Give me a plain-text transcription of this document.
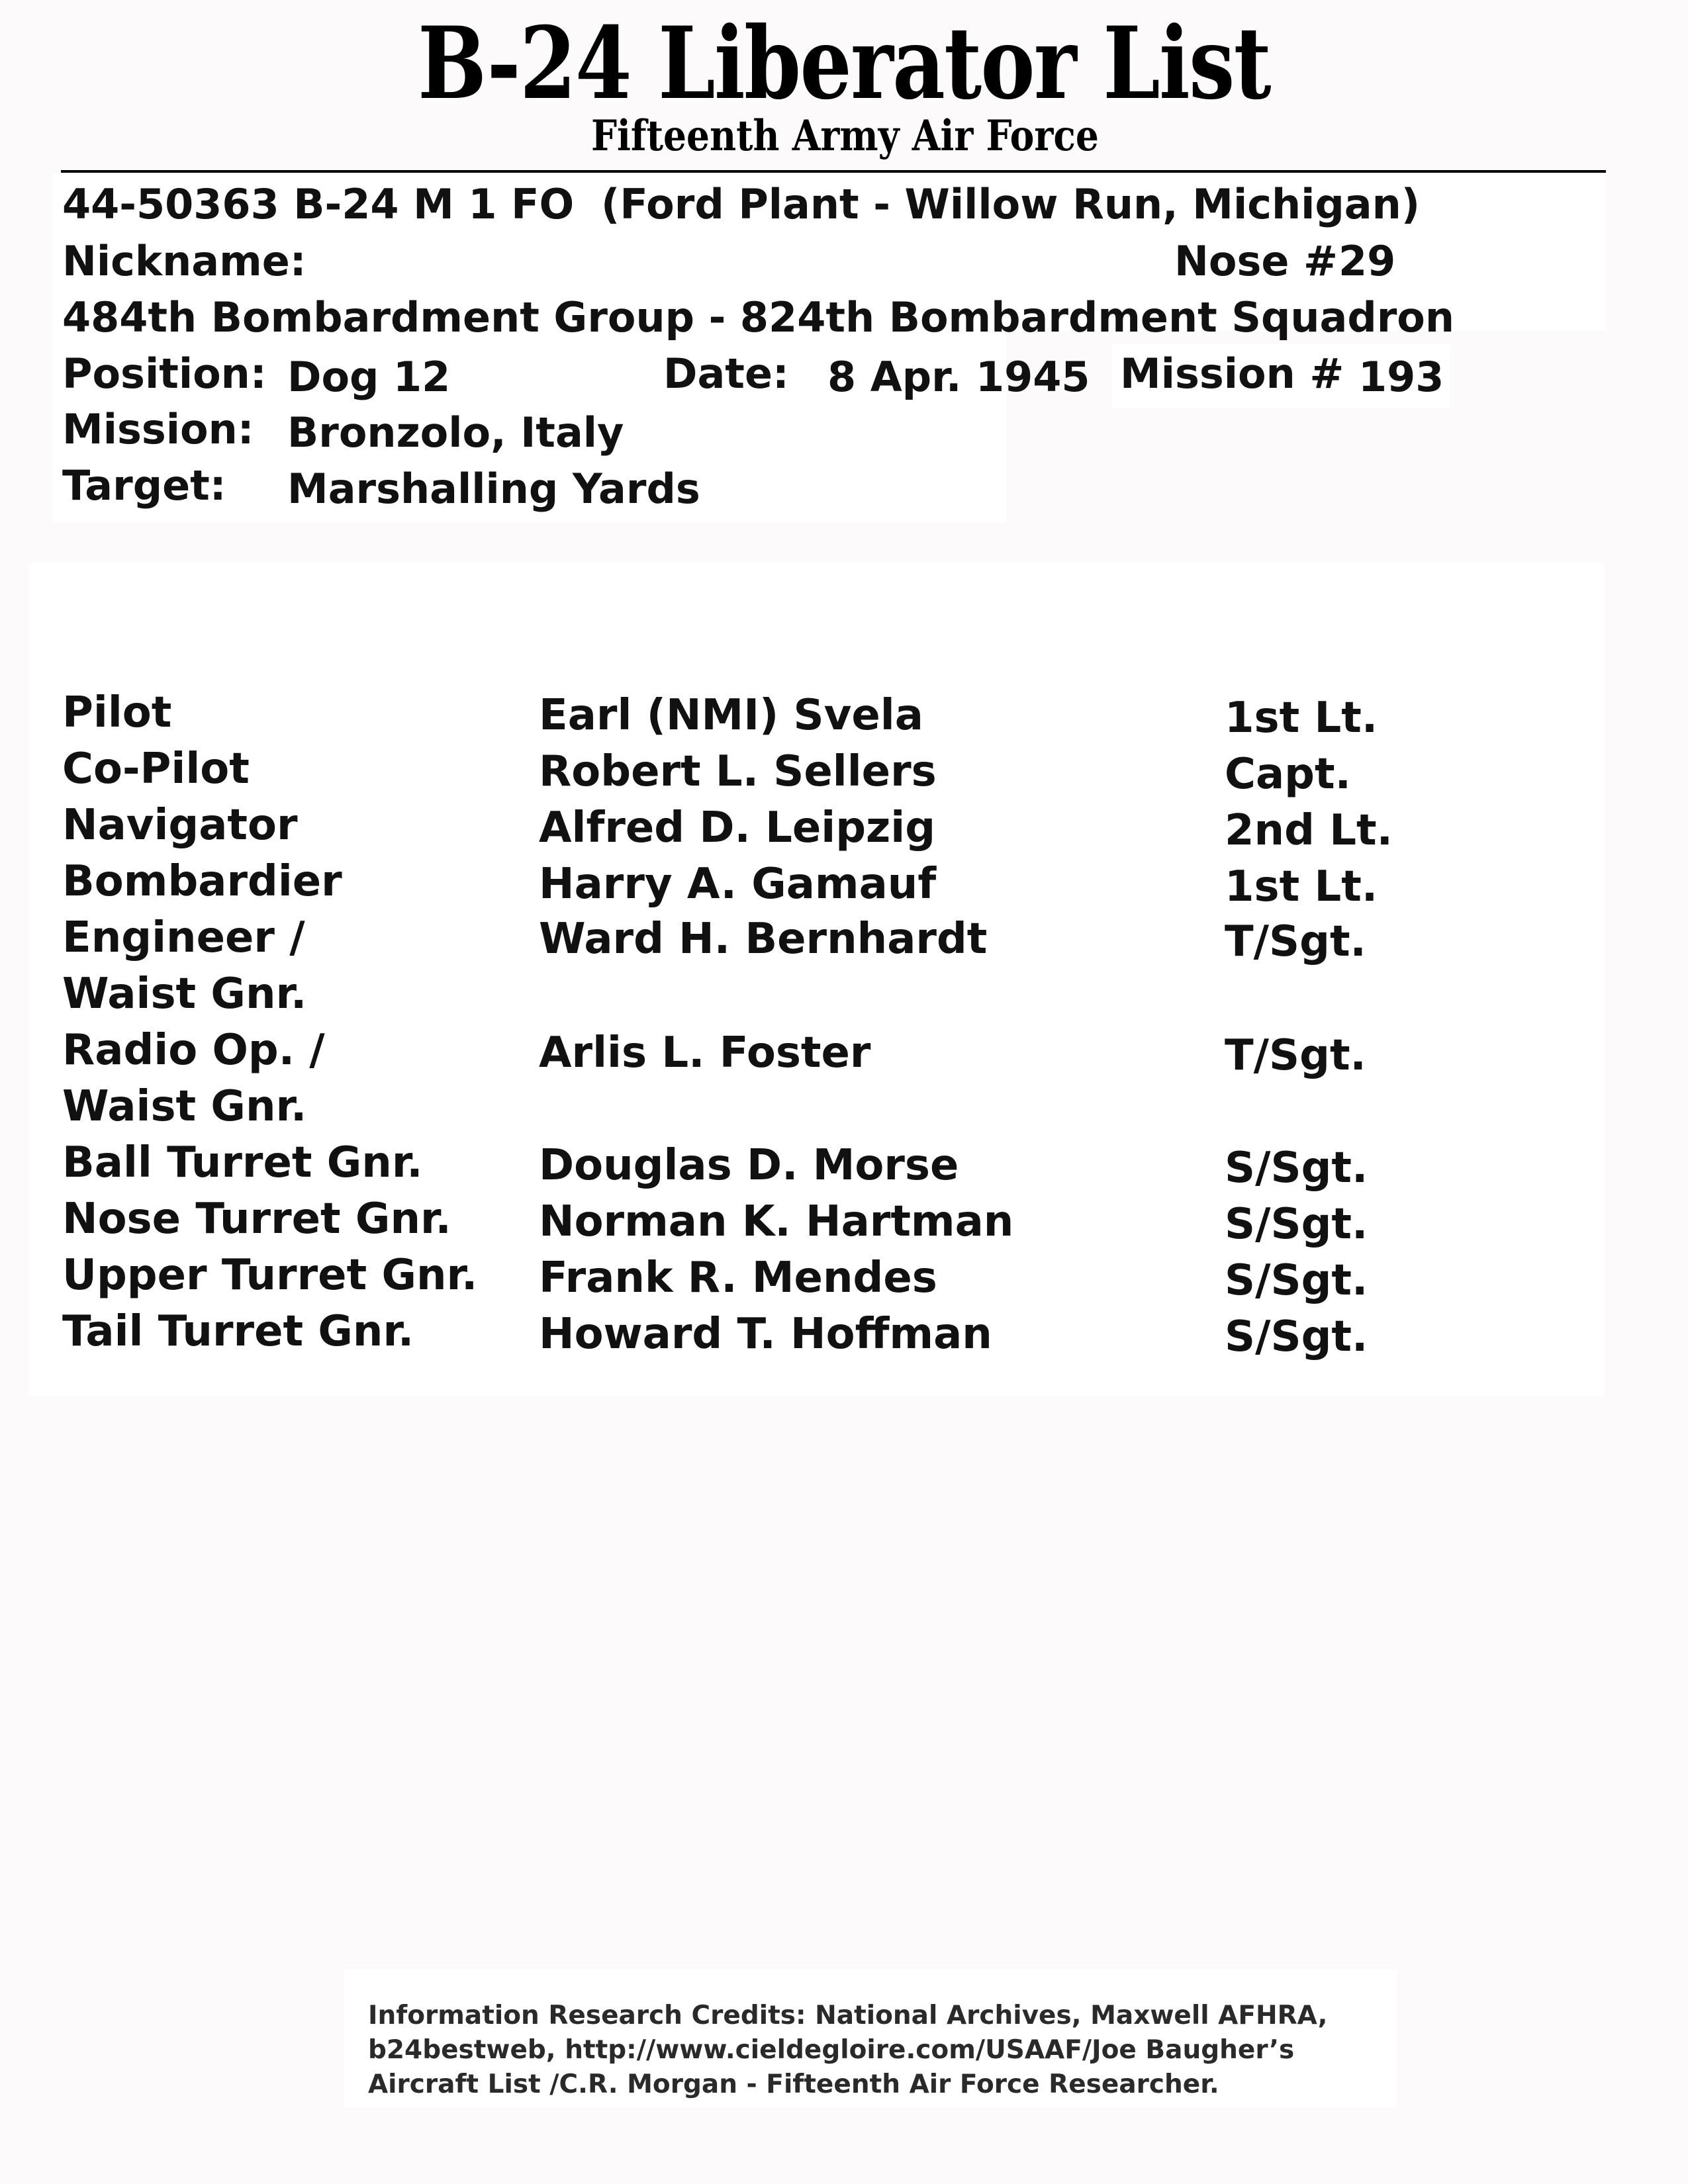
B-24 Liberator List
Fifteenth Army Air Force
44-50363 B-24 M 1 FO (Ford Plant - Willow Run, Michigan)
Nickname:	Nose # 29
484th Bombardment Group - 824th Bombardment Squadron
Position: Dog 12	Date: 8 Apr. 1945 Mission # 193
Mission: Bronzolo, Italy
Target: Marshalling Yards
Pilot	Earl (NMI) Svela	1st Lt.
Co-Pilot	Robert L. Sellers	Capt.
Navigator	Alfred D. Leipzig	2nd Lt.
Bombardier	Harry A. Gamauf	1st Lt.
Engineer /
Waist Gnr.
Ward H. Bernhardt	T/Sgt.
Radio Op. /
Waist Gnr.
Arlis L. Foster	T/Sgt.
Ball Turret Gnr.	Douglas D. Morse	S/Sgt.
Nose Turret Gnr. Norman K. Hartman	S/Sgt.
Upper Turret Gnr. Frank R. Mendes	S/Sgt.
Tail Turret Gnr.	Howard T. Hoffman	S/Sgt.
Information Research Credits: National Archives, Maxwell AFHRA,
b24bestweb, http://www.cieldegloire.com/USAAF/Joe Baugher’s
Aircraft List /C.R. Morgan - Fifteenth Air Force Researcher.
